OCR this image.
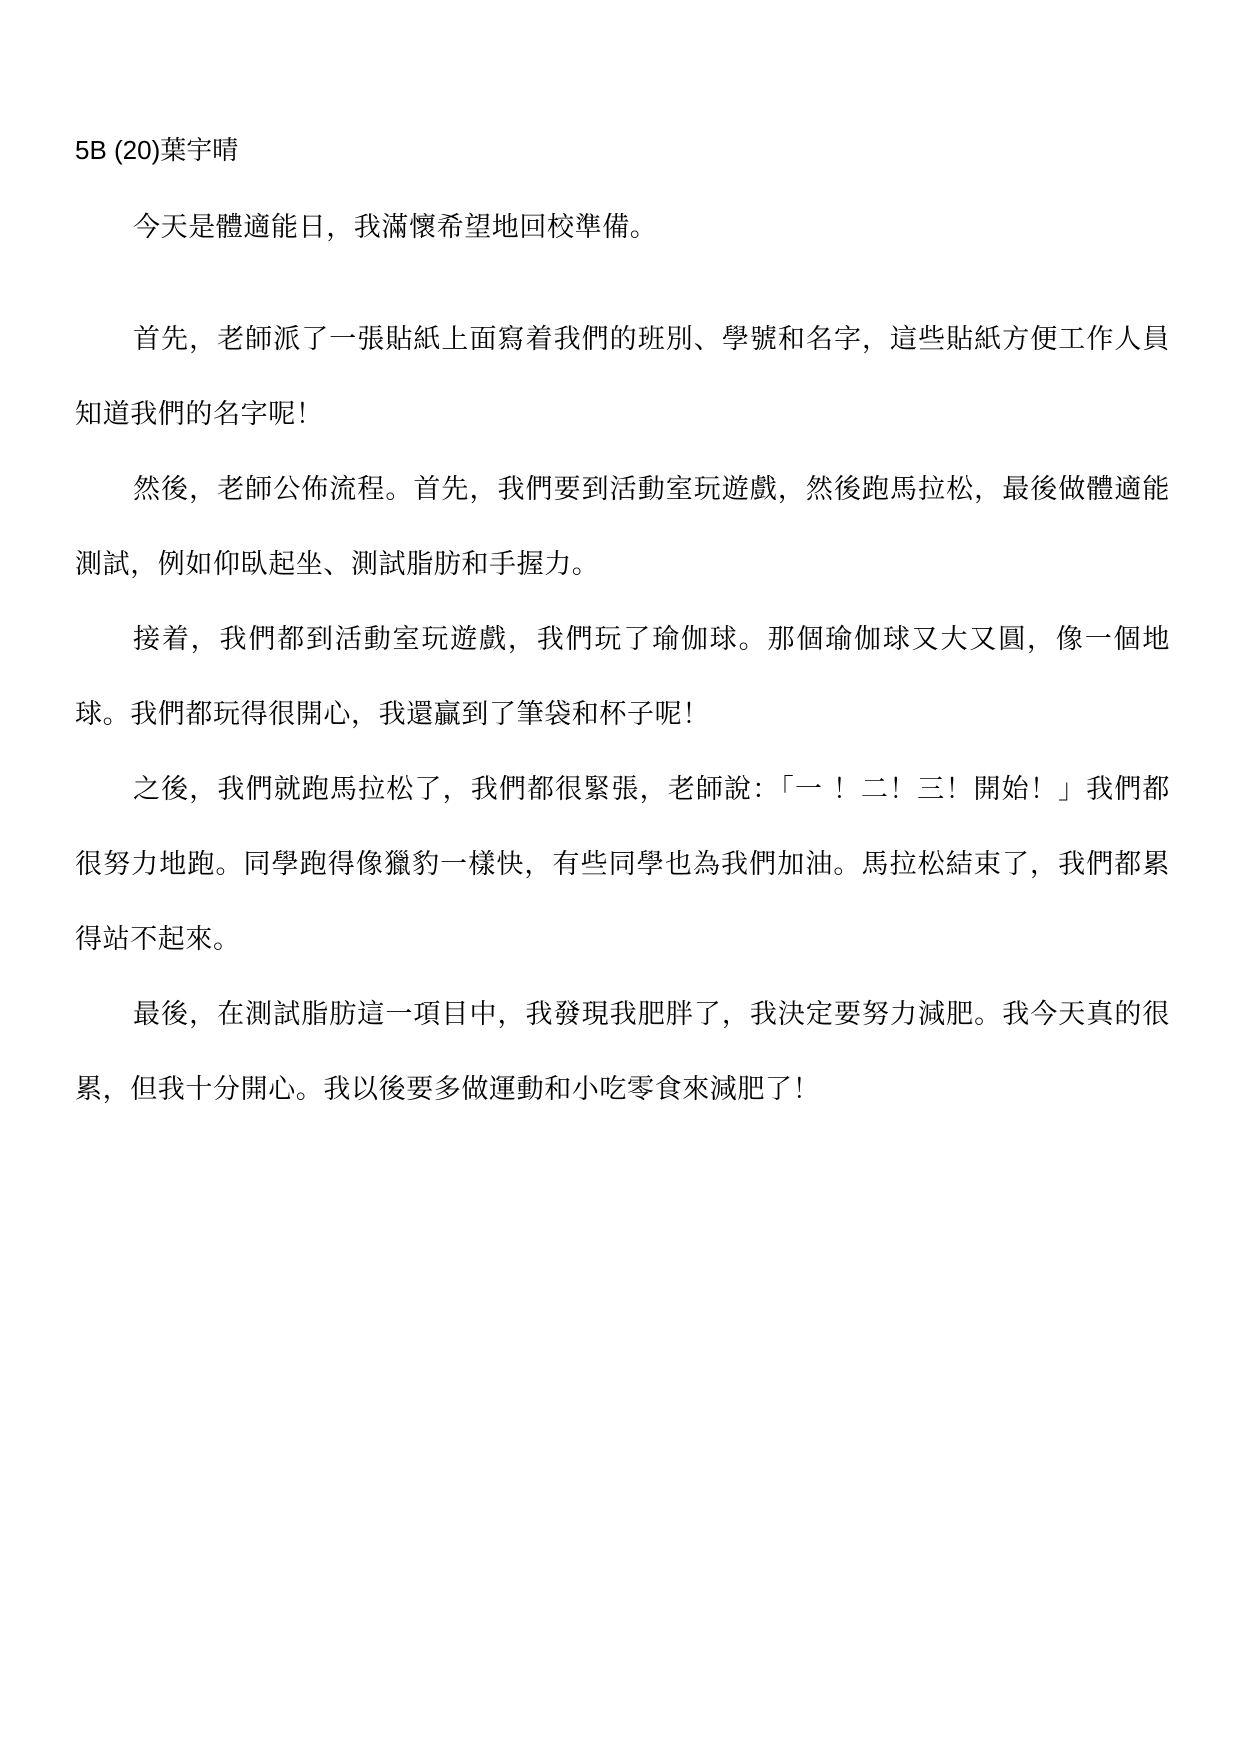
5B (20)葉宇晴

今天是體適能日，我滿懷希望地回校準備。

首先，老師派了一張貼紙上面寫着我們的班別、學號和名字，這些貼紙方便工作人員知道我們的名字呢！

然後，老師公佈流程。首先，我們要到活動室玩遊戲，然後跑馬拉松，最後做體適能測試，例如仰臥起坐、測試脂肪和手握力。

接着，我們都到活動室玩遊戲，我們玩了瑜伽球。那個瑜伽球又大又圓，像一個地球。我們都玩得很開心，我還贏到了筆袋和杯子呢！

之後，我們就跑馬拉松了，我們都很緊張，老師說：「一 ！二！三！開始！」我們都很努力地跑。同學跑得像獵豹一樣快，有些同學也為我們加油。馬拉松結束了，我們都累得站不起來。

最後，在測試脂肪這一項目中，我發現我肥胖了，我決定要努力減肥。我今天真的很累，但我十分開心。我以後要多做運動和小吃零食來減肥了！
